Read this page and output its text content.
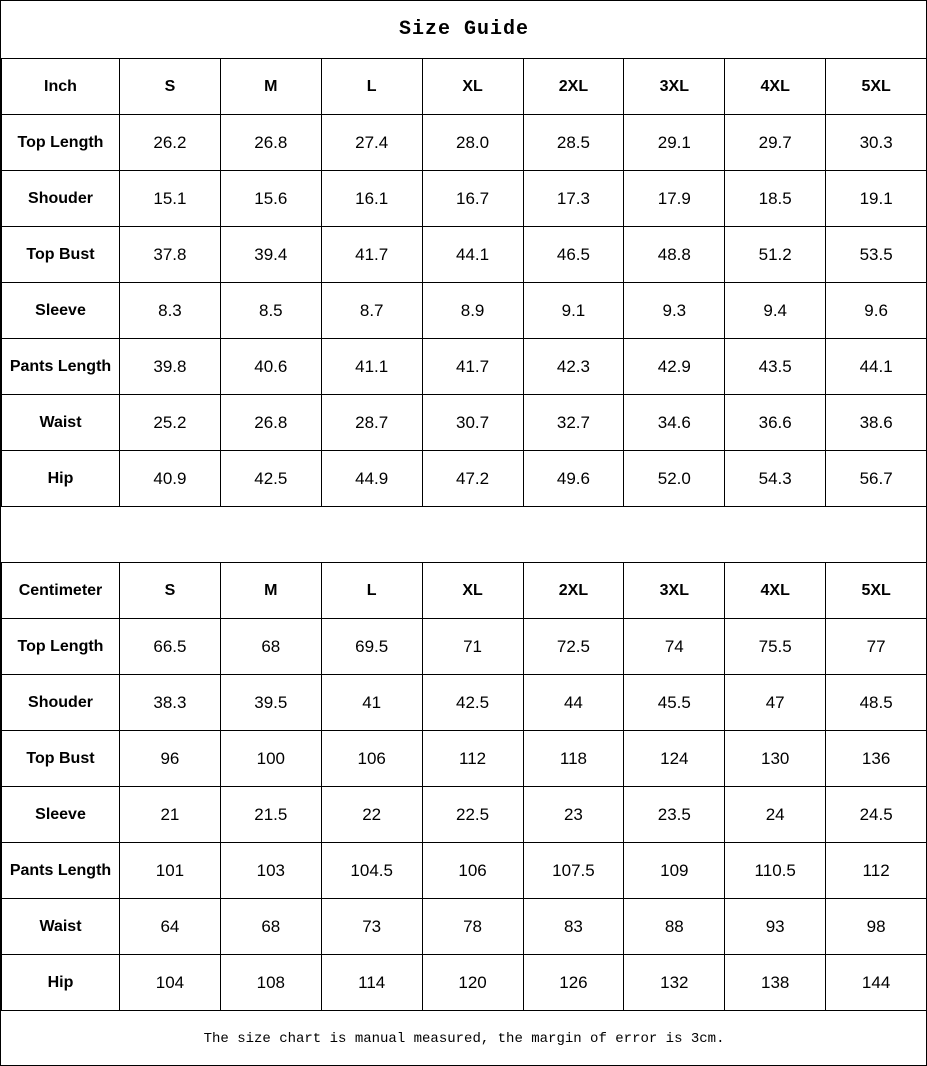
Size Guide								
Inch	S	M	L	XL	2XL	3XL	4XL	5XL
Top Length	26.2	26.8	27.4	28.0	28.5	29.1	29.7	30.3
Shouder	15.1	15.6	16.1	16.7	17.3	17.9	18.5	19.1
Top Bust	37.8	39.4	41.7	44.1	46.5	48.8	51.2	53.5
Sleeve	8.3	8.5	8.7	8.9	9.1	9.3	9.4	9.6
Pants Length	39.8	40.6	41.1	41.7	42.3	42.9	43.5	44.1
Waist	25.2	26.8	28.7	30.7	32.7	34.6	36.6	38.6
Hip	40.9	42.5	44.9	47.2	49.6	52.0	54.3	56.7

Centimeter	S	M	L	XL	2XL	3XL	4XL	5XL
Top Length	66.5	68	69.5	71	72.5	74	75.5	77
Shouder	38.3	39.5	41	42.5	44	45.5	47	48.5
Top Bust	96	100	106	112	118	124	130	136
Sleeve	21	21.5	22	22.5	23	23.5	24	24.5
Pants Length	101	103	104.5	106	107.5	109	110.5	112
Waist	64	68	73	78	83	88	93	98
Hip	104	108	114	120	126	132	138	144
The size chart is manual measured, the margin of error is 3cm.								
